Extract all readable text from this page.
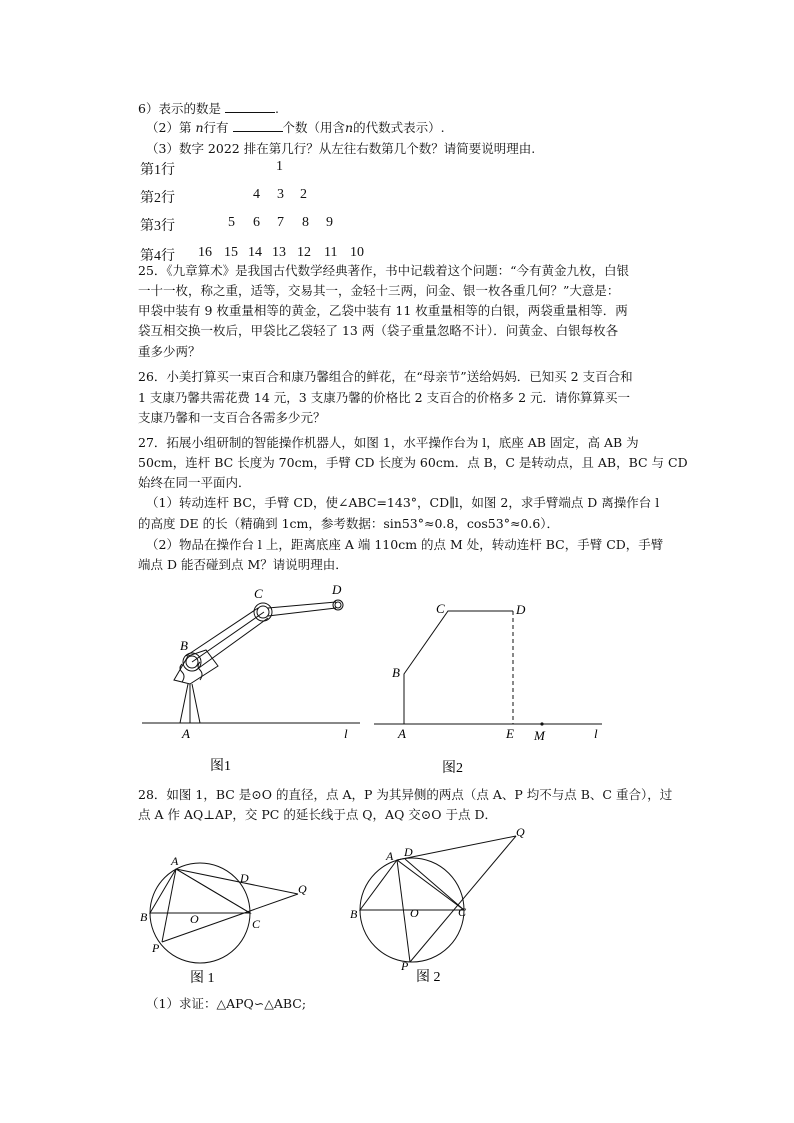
6）表示的数是	.
（2）第 n行有	个数（用含n的代数式表示）.
（3）数字 2022 排在第几行？从左往右数第几个数？请简要说明理由.
第1行	1
第2行	4 3 2
第3行	5 6 7 8 9
第4行 16 15 14 13 12 11 10
25．《九章算术》是我国古代数学经典著作，书中记载着这个问题：“今有黄金九枚，白银
一十一枚，称之重，适等，交易其一，金轻十三两，问金、银一枚各重几何？”大意是：
甲袋中装有 9 枚重量相等的黄金，乙袋中装有 11 枚重量相等的白银，两袋重量相等．两
袋互相交换一枚后，甲袋比乙袋轻了 13 两（袋子重量忽略不计）．问黄金、白银每枚各
重多少两？
26．小美打算买一束百合和康乃馨组合的鲜花，在“母亲节”送给妈妈．已知买 2 支百合和
1 支康乃馨共需花费 14 元，3 支康乃馨的价格比 2 支百合的价格多 2 元．请你算算买一
支康乃馨和一支百合各需多少元？
27．拓展小组研制的智能操作机器人，如图 1，水平操作台为 l，底座 AB 固定，高 AB 为
50cm，连杆 BC 长度为 70cm，手臂 CD 长度为 60cm．点 B，C 是转动点，且 AB，BC 与 CD
始终在同一平面内．
（1）转动连杆 BC，手臂 CD，使∠ABC=143°，CD∥l，如图 2，求手臂端点 D 离操作台 l
的高度 DE 的长（精确到 1cm，参考数据：sin53°≈0.8，cos53°≈0.6）．
（2）物品在操作台 l 上，距离底座 A 端 110cm 的点 M 处，转动连杆 BC，手臂 CD，手臂
端点 D 能否碰到点 M？请说明理由．
A
B
C	D
l
图1
A
B
C	D
E M	l
图2
28．如图 1，BC 是⊙O 的直径，点 A，P 为其异侧的两点（点 A、P 均不与点 B、C 重合），过
点 A 作 AQ⊥AP，交 PC 的延长线于点 Q，AQ 交⊙O 于点 D．
A
B	C
D
O
P
Q
图 1
A
B	C
D
O
P
Q
图 2
（1）求证：△APQ∽△ABC;
